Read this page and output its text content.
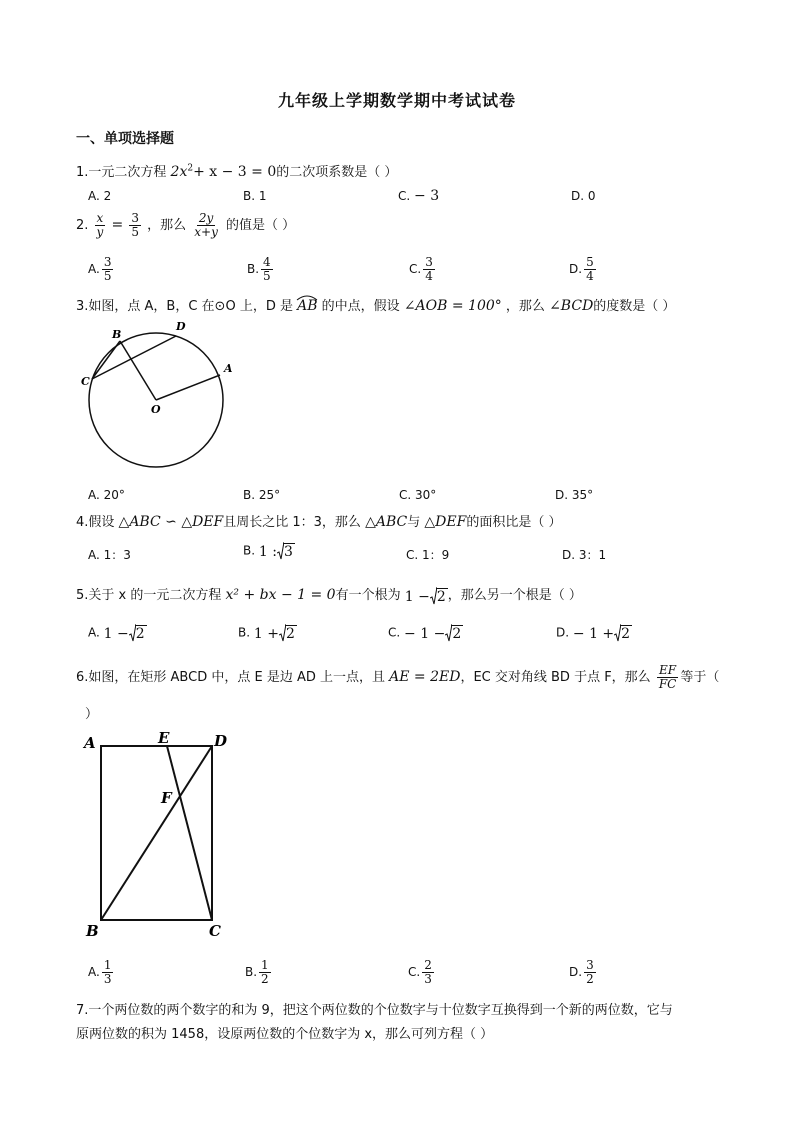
九年级上学期数学期中考试试卷
一、单项选择题
1.一元二次方程 $2x^2+ x - 3 = 0$的二次项系数是（ ）
A. 2	B. 1	C. − 3	D. 0
2. $\frac{x}{y} = \frac{3}{5}$ ，那么 $\frac{2y}{x+y}$ 的值是（ ）
A. $\frac{3}{5}$	B. $\frac{4}{5}$	C. $\frac{3}{4}$	D. $\frac{5}{4}$
3.如图，点 A，B，C 在⊙O 上，D 是 AB 的中点，假设 ∠AOB = 100° ，那么 ∠BCD的度数是（ ）
B
D
C
A
O
A. 20°	B. 25°	C. 30°	D. 35°
4.假设 △ABC ∽ △DEF且周长之比 1：3，那么 △ABC与 △DEF的面积比是（ ）
A. 1：3	B. 1 : 3	C. 1：9	D. 3：1
5.关于 x 的一元二次方程 x² + bx − 1 = 0有一个根为 1 − 2 ，那么另一个根是（ ）
A. 1 − 2	B. 1 + 2	C. − 1 − 2	D. − 1 + 2
6.如图，在矩形 ABCD 中，点 E 是边 AD 上一点，且 AE = 2ED，EC 交对角线 BD 于点 F，那么 $\frac{EF}{FC}$ 等于（
）
A	E	D
F
B	C
A. $\frac{1}{3}$	B. $\frac{1}{2}$	C. $\frac{2}{3}$	D. $\frac{3}{2}$
7.一个两位数的两个数字的和为 9，把这个两位数的个位数字与十位数字互换得到一个新的两位数，它与
原两位数的积为 1458，设原两位数的个位数字为 x，那么可列方程（ ）
